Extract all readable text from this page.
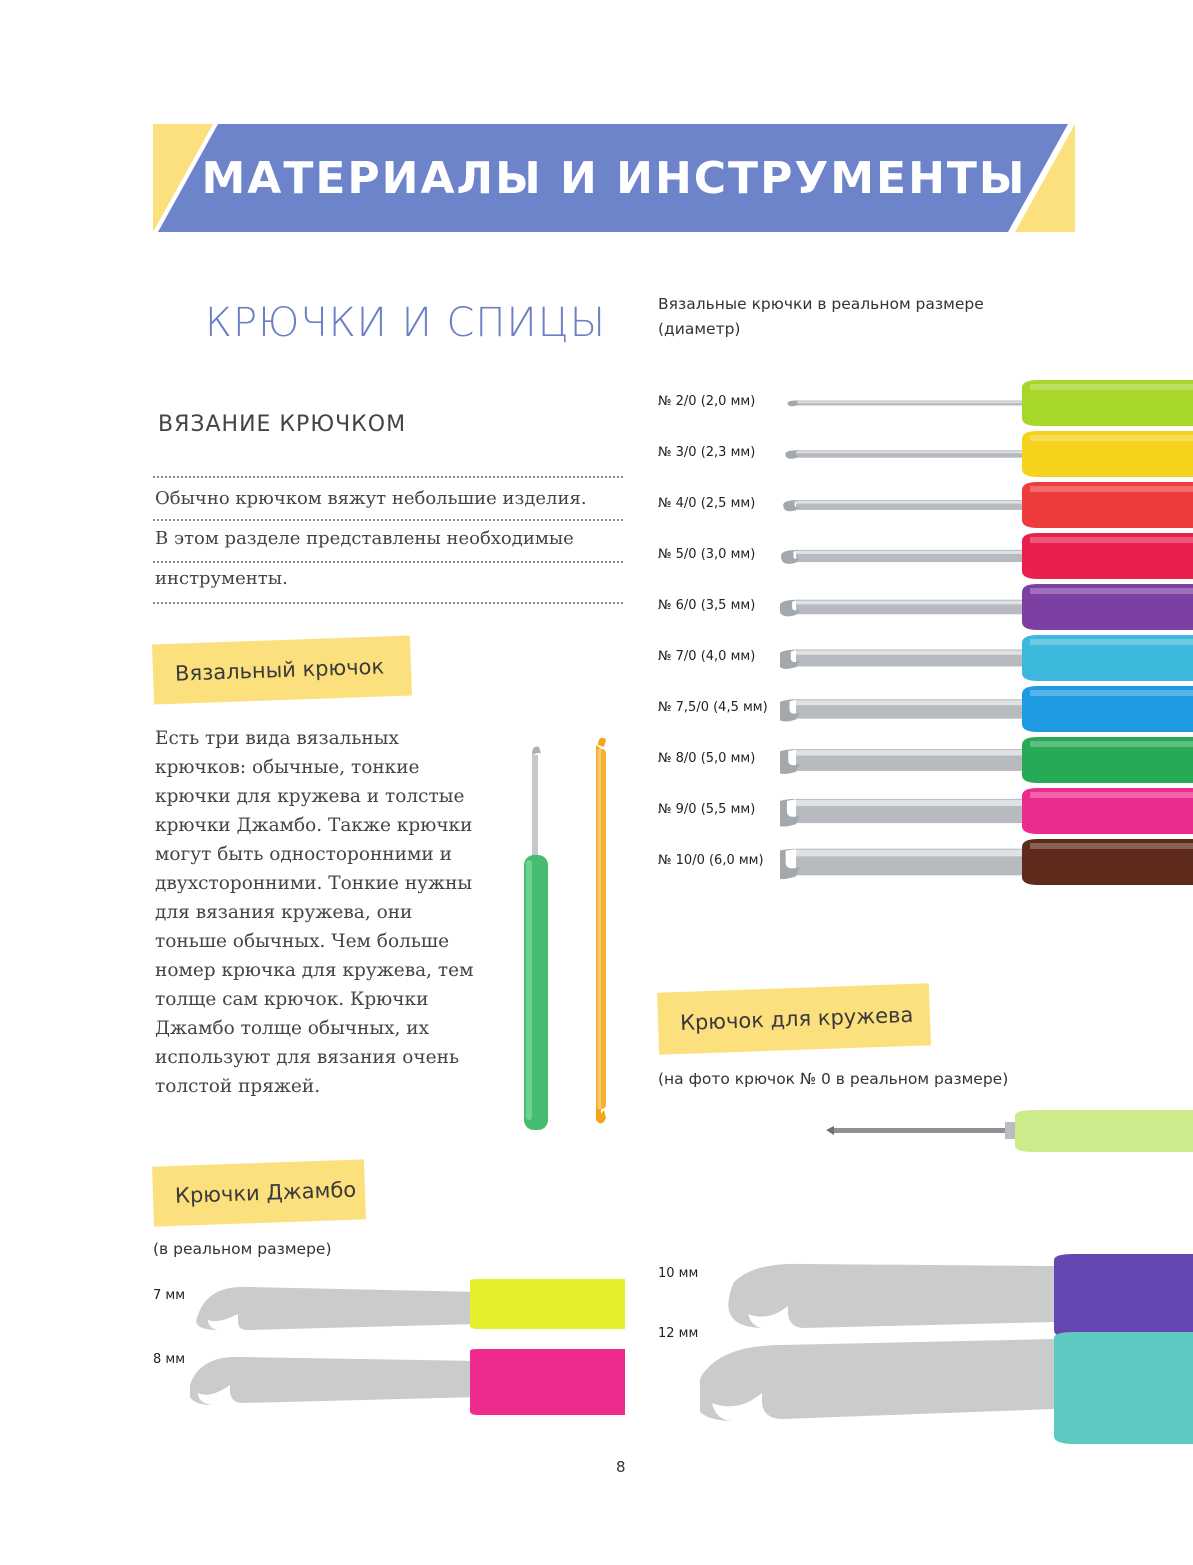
МАТЕРИАЛЫ И ИНСТРУМЕНТЫ
КРЮЧКИ И СПИЦЫ
ВЯЗАНИЕ КРЮЧКОМ
Обычно крючком вяжут небольшие изделия.
В этом разделе представлены необходимые
инструменты.
Вязальный крючок
Есть три вида вязальных крючков: обычные, тонкие крючки для кружева и толстые крючки Джамбо. Также крючки могут быть односторонними и двухсторонними. Тонкие нужны для вязания кружева, они тоньше обычных. Чем больше номер крючка для кружева, тем толще сам крючок. Крючки Джамбо толще обычных, их используют для вязания очень толстой пряжей.
Вязальные крючки в реальном размере
(диаметр)
№ 2/0 (2,0 мм)
№ 3/0 (2,3 мм)
№ 4/0 (2,5 мм)
№ 5/0 (3,0 мм)
№ 6/0 (3,5 мм)
№ 7/0 (4,0 мм)
№ 7,5/0 (4,5 мм)
№ 8/0 (5,0 мм)
№ 9/0 (5,5 мм)
№ 10/0 (6,0 мм)
Крючок для кружева
(на фото крючок № 0 в реальном размере)
Крючки Джамбо
(в реальном размере)
7 мм
8 мм
10 мм
12 мм
8
